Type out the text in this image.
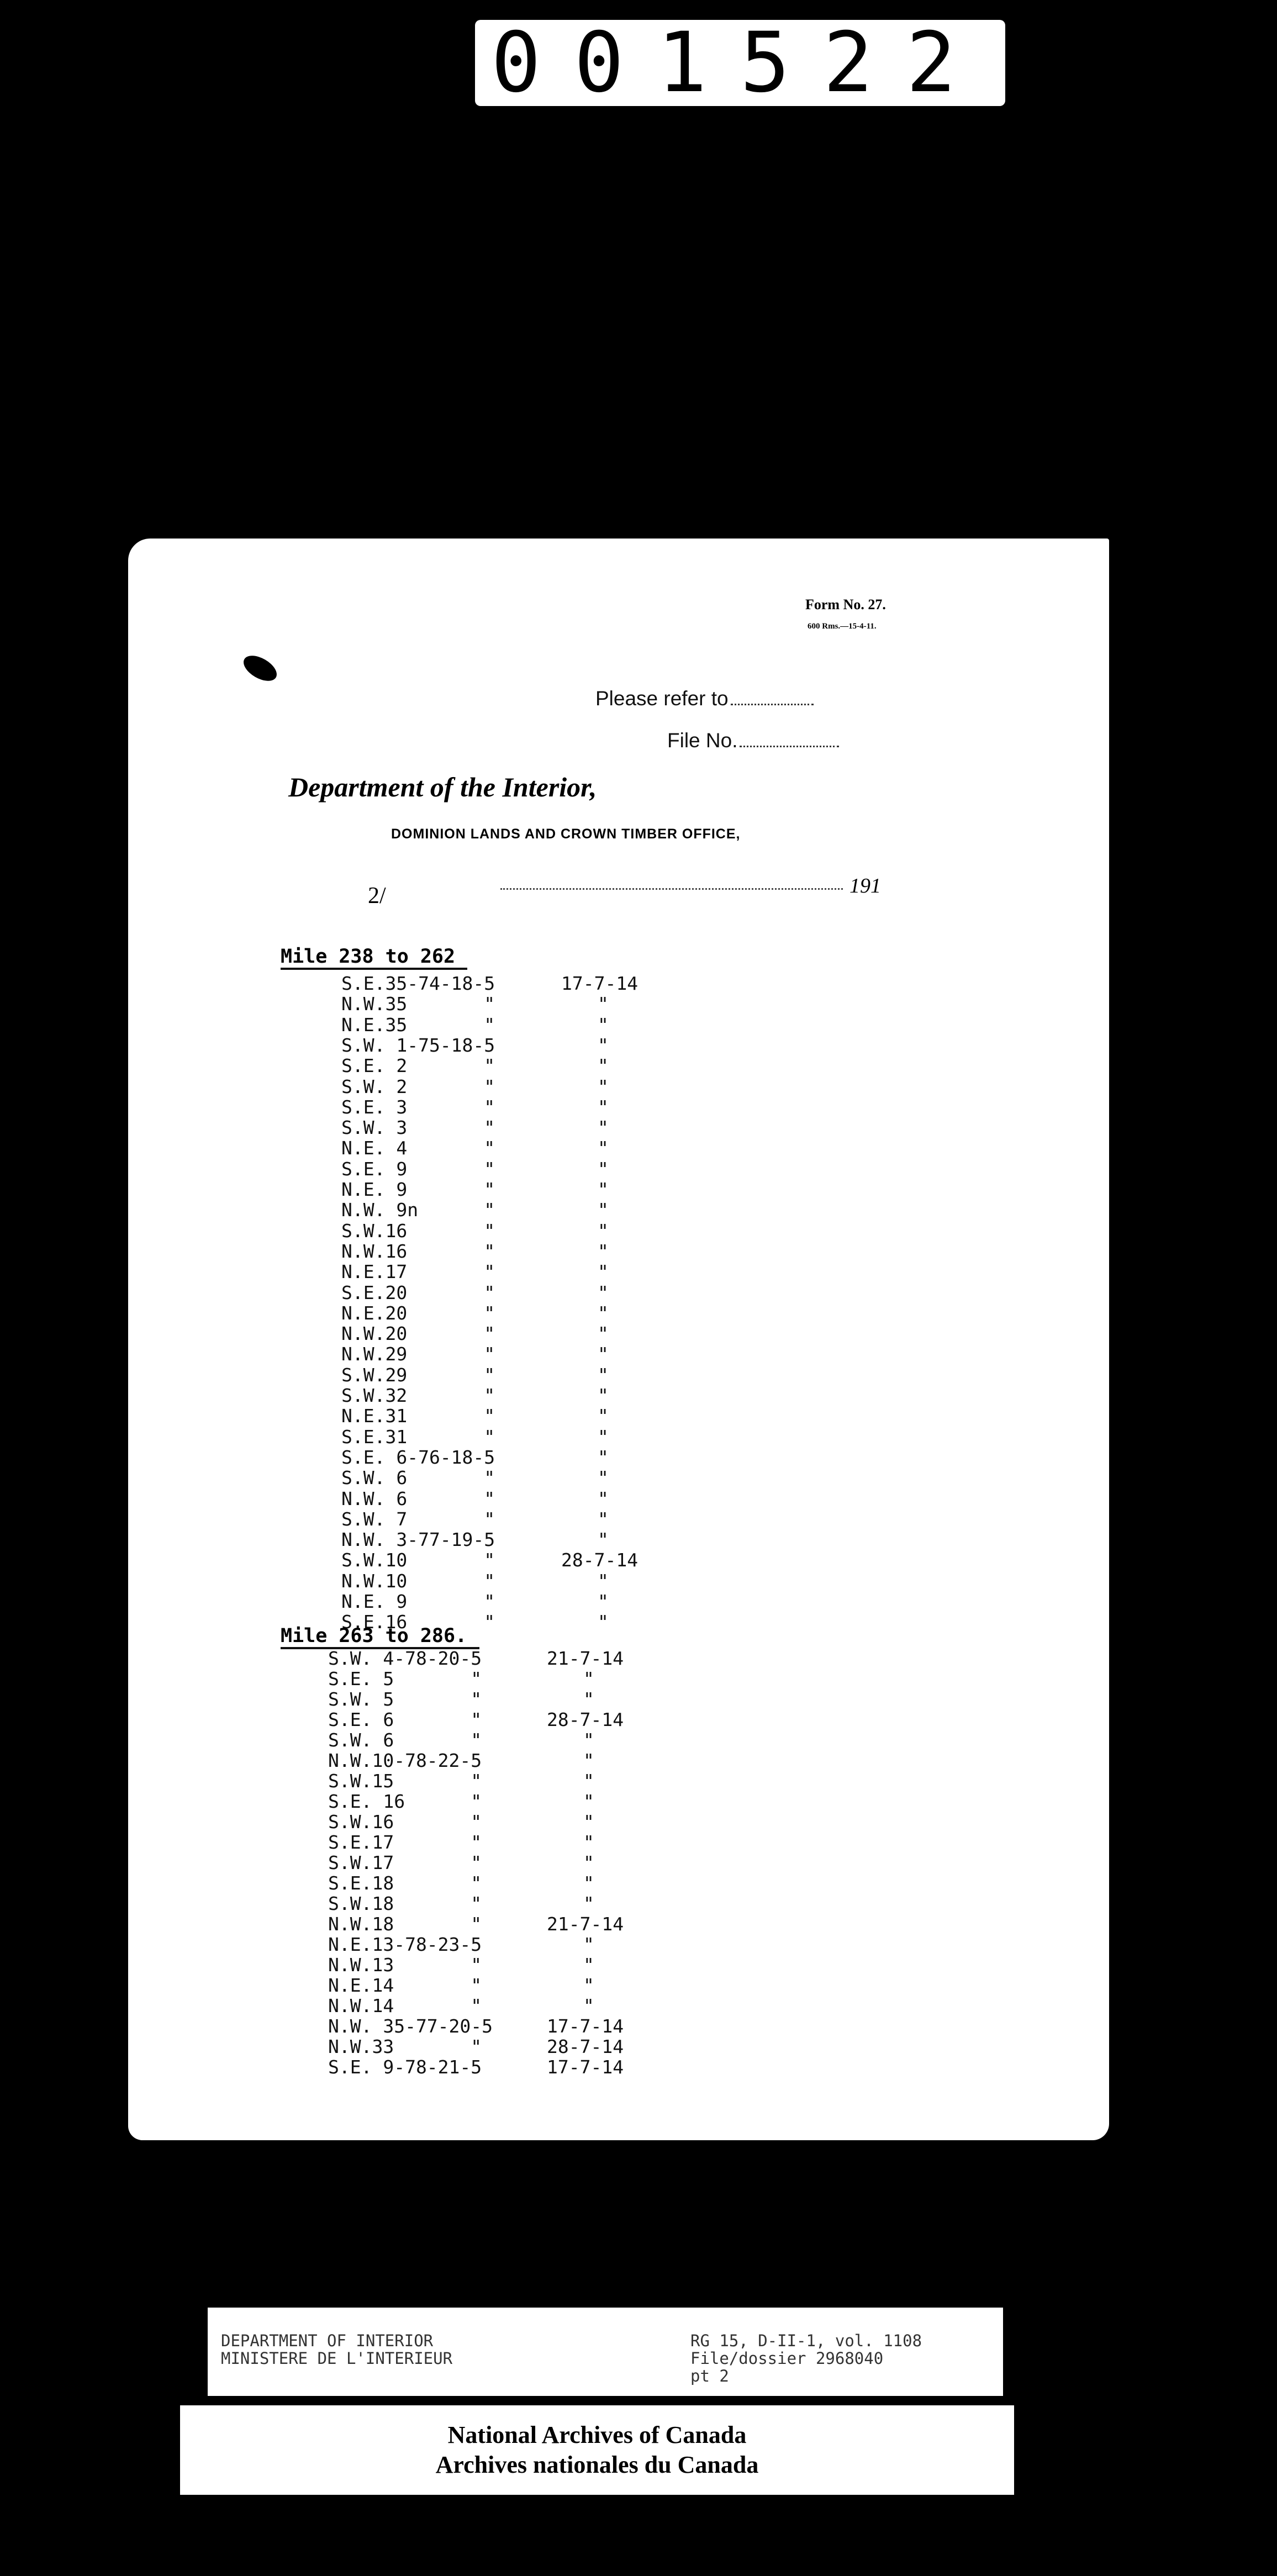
001522
Form No. 27.
600 Rms.—15-4-11.
Please refer to
File No.
Department of the Interior,
DOMINION LANDS AND CROWN TIMBER OFFICE,
2/	191
Mile 238 to 262
S.E.35-74-18-5	17-7-14
N.W.35       "	"
N.E.35       "	"
S.W. 1-75-18-5	"
S.E. 2       "	"
S.W. 2       "	"
S.E. 3       "	"
S.W. 3       "	"
N.E. 4       "	"
S.E. 9       "	"
N.E. 9       "	"
N.W. 9n      "	"
S.W.16       "	"
N.W.16       "	"
N.E.17       "	"
S.E.20       "	"
N.E.20       "	"
N.W.20       "	"
N.W.29       "	"
S.W.29       "	"
S.W.32       "	"
N.E.31       "	"
S.E.31       "	"
S.E. 6-76-18-5	"
S.W. 6       "	"
N.W. 6       "	"
S.W. 7       "	"
N.W. 3-77-19-5	"
S.W.10       "	28-7-14
N.W.10       "	"
N.E. 9       "	"
S.E.16       "	"
Mile 263 to 286.
S.W. 4-78-20-5	21-7-14
S.E. 5       "	"
S.W. 5       "	"
S.E. 6       "	28-7-14
S.W. 6       "	"
N.W.10-78-22-5	"
S.W.15       "	"
S.E. 16      "	"
S.W.16       "	"
S.E.17       "	"
S.W.17       "	"
S.E.18       "	"
S.W.18       "	"
N.W.18       "	21-7-14
N.E.13-78-23-5	"
N.W.13       "	"
N.E.14       "	"
N.W.14       "	"
N.W. 35-77-20-5	17-7-14
N.W.33       "	28-7-14
S.E. 9-78-21-5	17-7-14
DEPARTMENT OF INTERIOR
MINISTERE DE L'INTERIEUR
RG 15, D-II-1, vol. 1108
File/dossier 2968040
pt 2
National Archives of Canada
Archives nationales du Canada
